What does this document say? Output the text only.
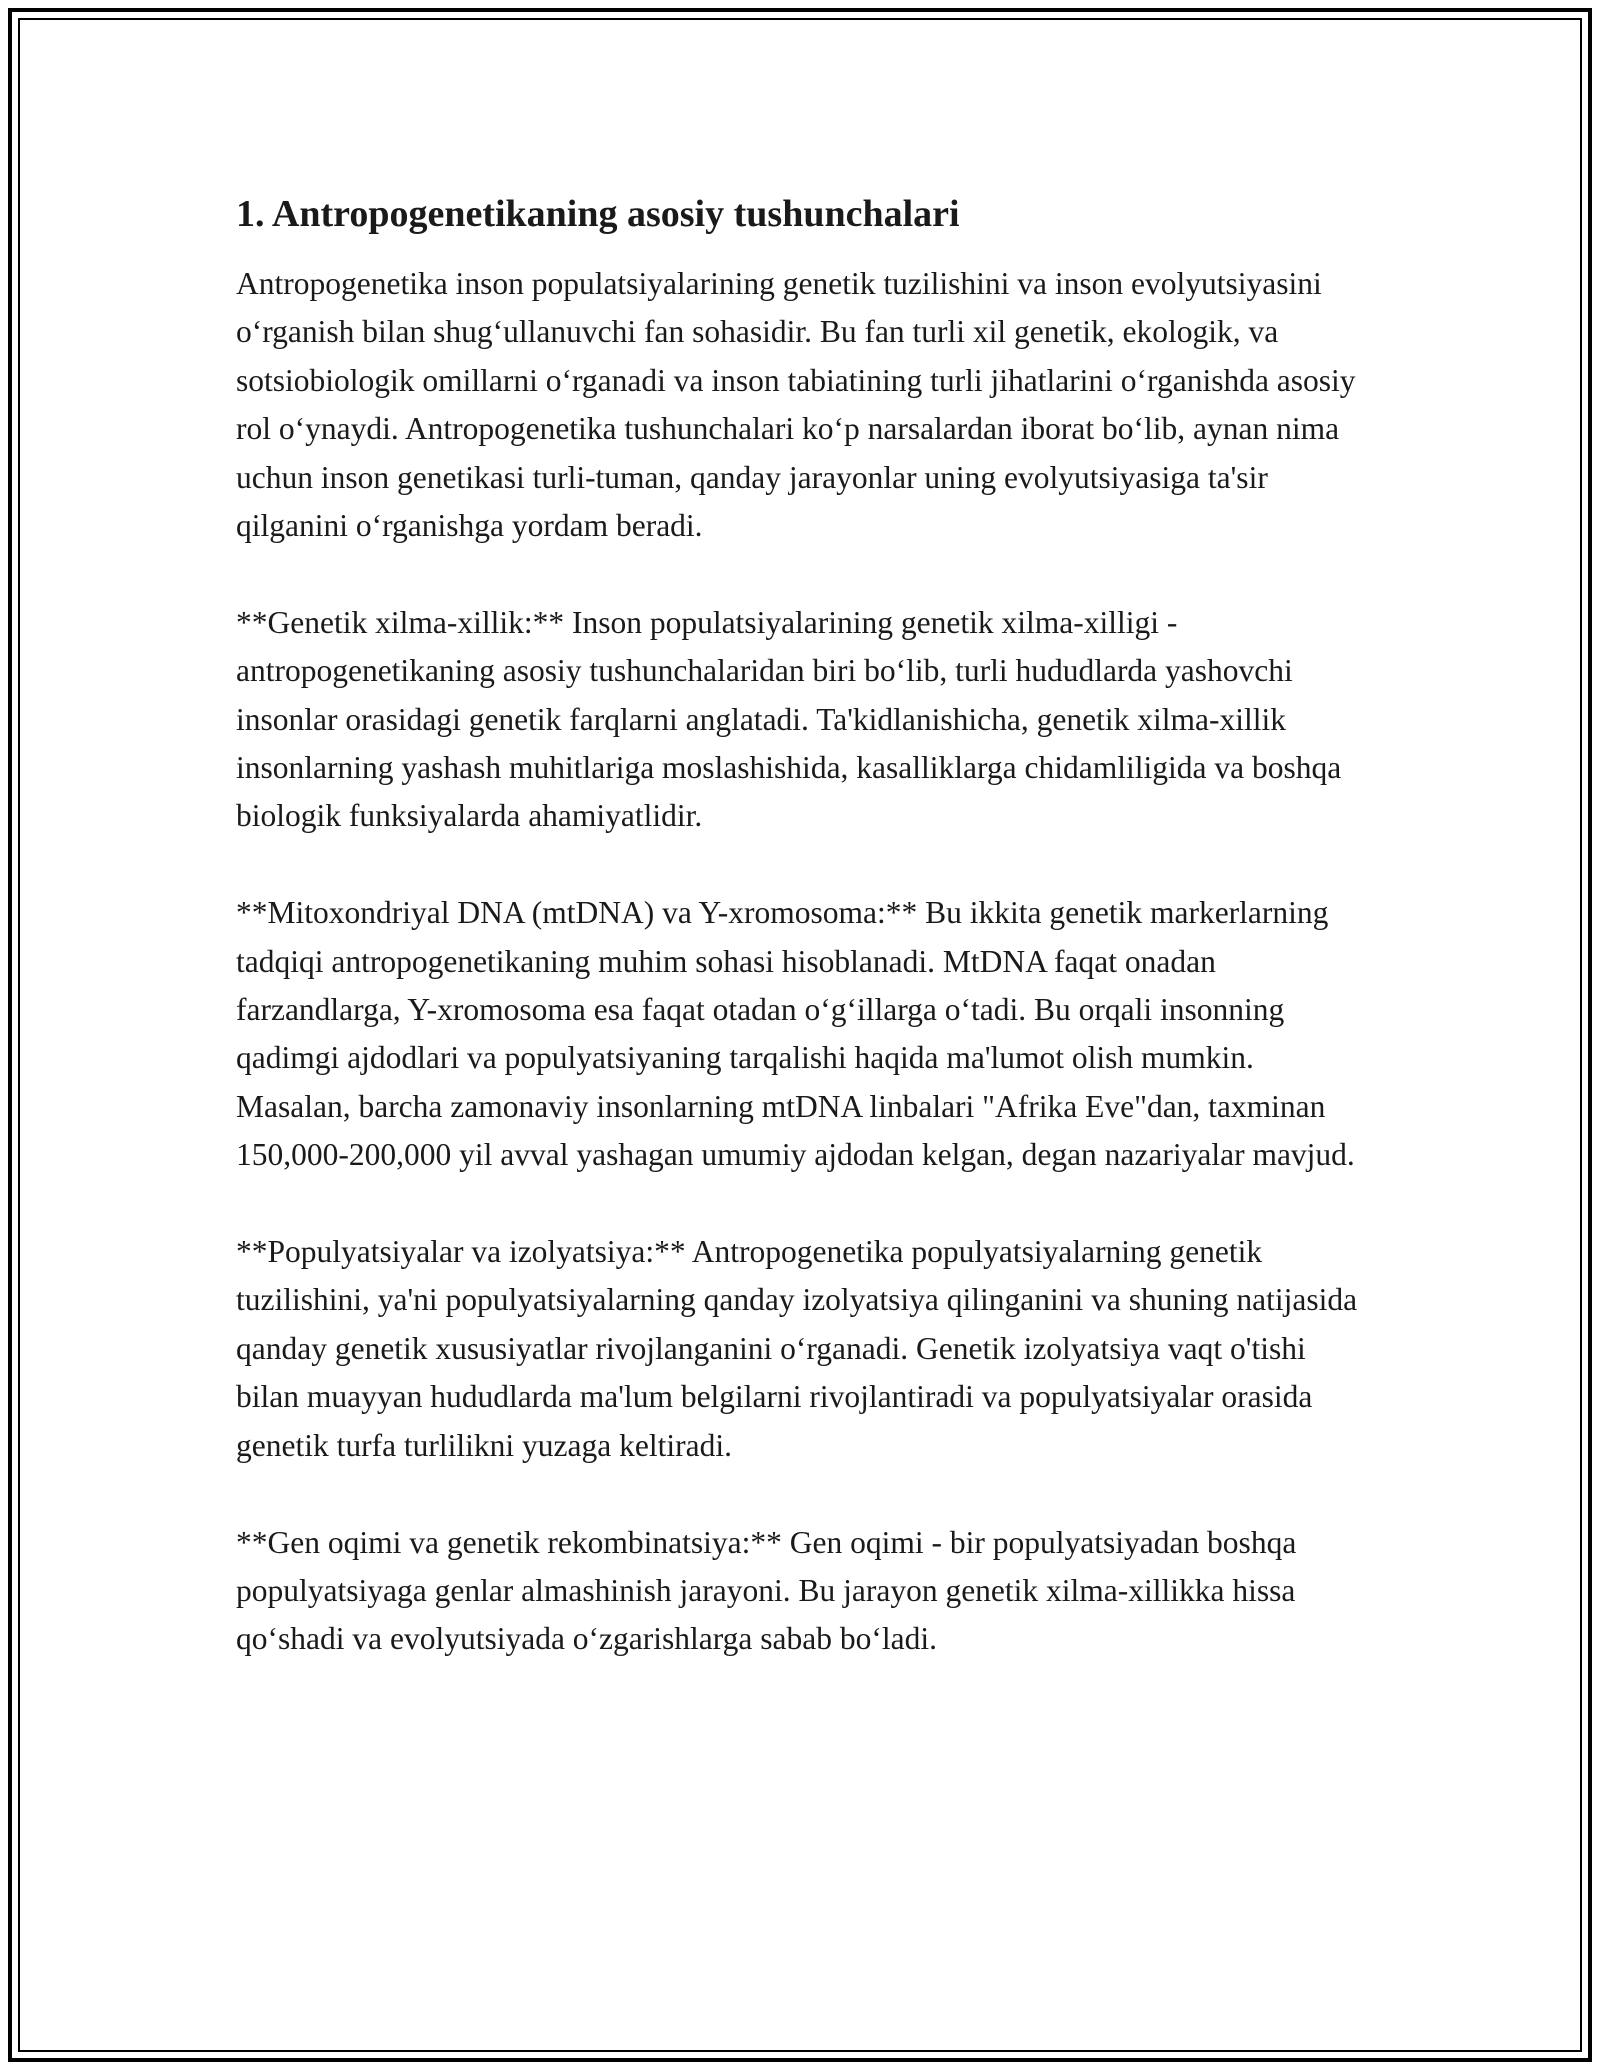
1. Antropogenetikaning asosiy tushunchalari

Antropogenetika inson populatsiyalarining genetik tuzilishini va inson evolyutsiyasini o‘rganish bilan shug‘ullanuvchi fan sohasidir. Bu fan turli xil genetik, ekologik, va sotsiobiologik omillarni o‘rganadi va inson tabiatining turli jihatlarini o‘rganishda asosiy rol o‘ynaydi. Antropogenetika tushunchalari ko‘p narsalardan iborat bo‘lib, aynan nima uchun inson genetikasi turli-tuman, qanday jarayonlar uning evolyutsiyasiga ta'sir qilganini o‘rganishga yordam beradi.

**Genetik xilma-xillik:** Inson populatsiyalarining genetik xilma-xilligi - antropogenetikaning asosiy tushunchalaridan biri bo‘lib, turli hududlarda yashovchi insonlar orasidagi genetik farqlarni anglatadi. Ta'kidlanishicha, genetik xilma-xillik insonlarning yashash muhitlariga moslashishida, kasalliklarga chidamliligida va boshqa biologik funksiyalarda ahamiyatlidir.

**Mitoxondriyal DNA (mtDNA) va Y-xromosoma:** Bu ikkita genetik markerlarning tadqiqi antropogenetikaning muhim sohasi hisoblanadi. MtDNA faqat onadan farzandlarga, Y-xromosoma esa faqat otadan o‘g‘illarga o‘tadi. Bu orqali insonning qadimgi ajdodlari va populyatsiyaning tarqalishi haqida ma'lumot olish mumkin. Masalan, barcha zamonaviy insonlarning mtDNA linbalari "Afrika Eve"dan, taxminan 150,000-200,000 yil avval yashagan umumiy ajdodan kelgan, degan nazariyalar mavjud.

**Populyatsiyalar va izolyatsiya:** Antropogenetika populyatsiyalarning genetik tuzilishini, ya'ni populyatsiyalarning qanday izolyatsiya qilinganini va shuning natijasida qanday genetik xususiyatlar rivojlanganini o‘rganadi. Genetik izolyatsiya vaqt o'tishi bilan muayyan hududlarda ma'lum belgilarni rivojlantiradi va populyatsiyalar orasida genetik turfa turlilikni yuzaga keltiradi.

**Gen oqimi va genetik rekombinatsiya:** Gen oqimi - bir populyatsiyadan boshqa populyatsiyaga genlar almashinish jarayoni. Bu jarayon genetik xilma-xillikka hissa qo‘shadi va evolyutsiyada o‘zgarishlarga sabab bo‘ladi.
